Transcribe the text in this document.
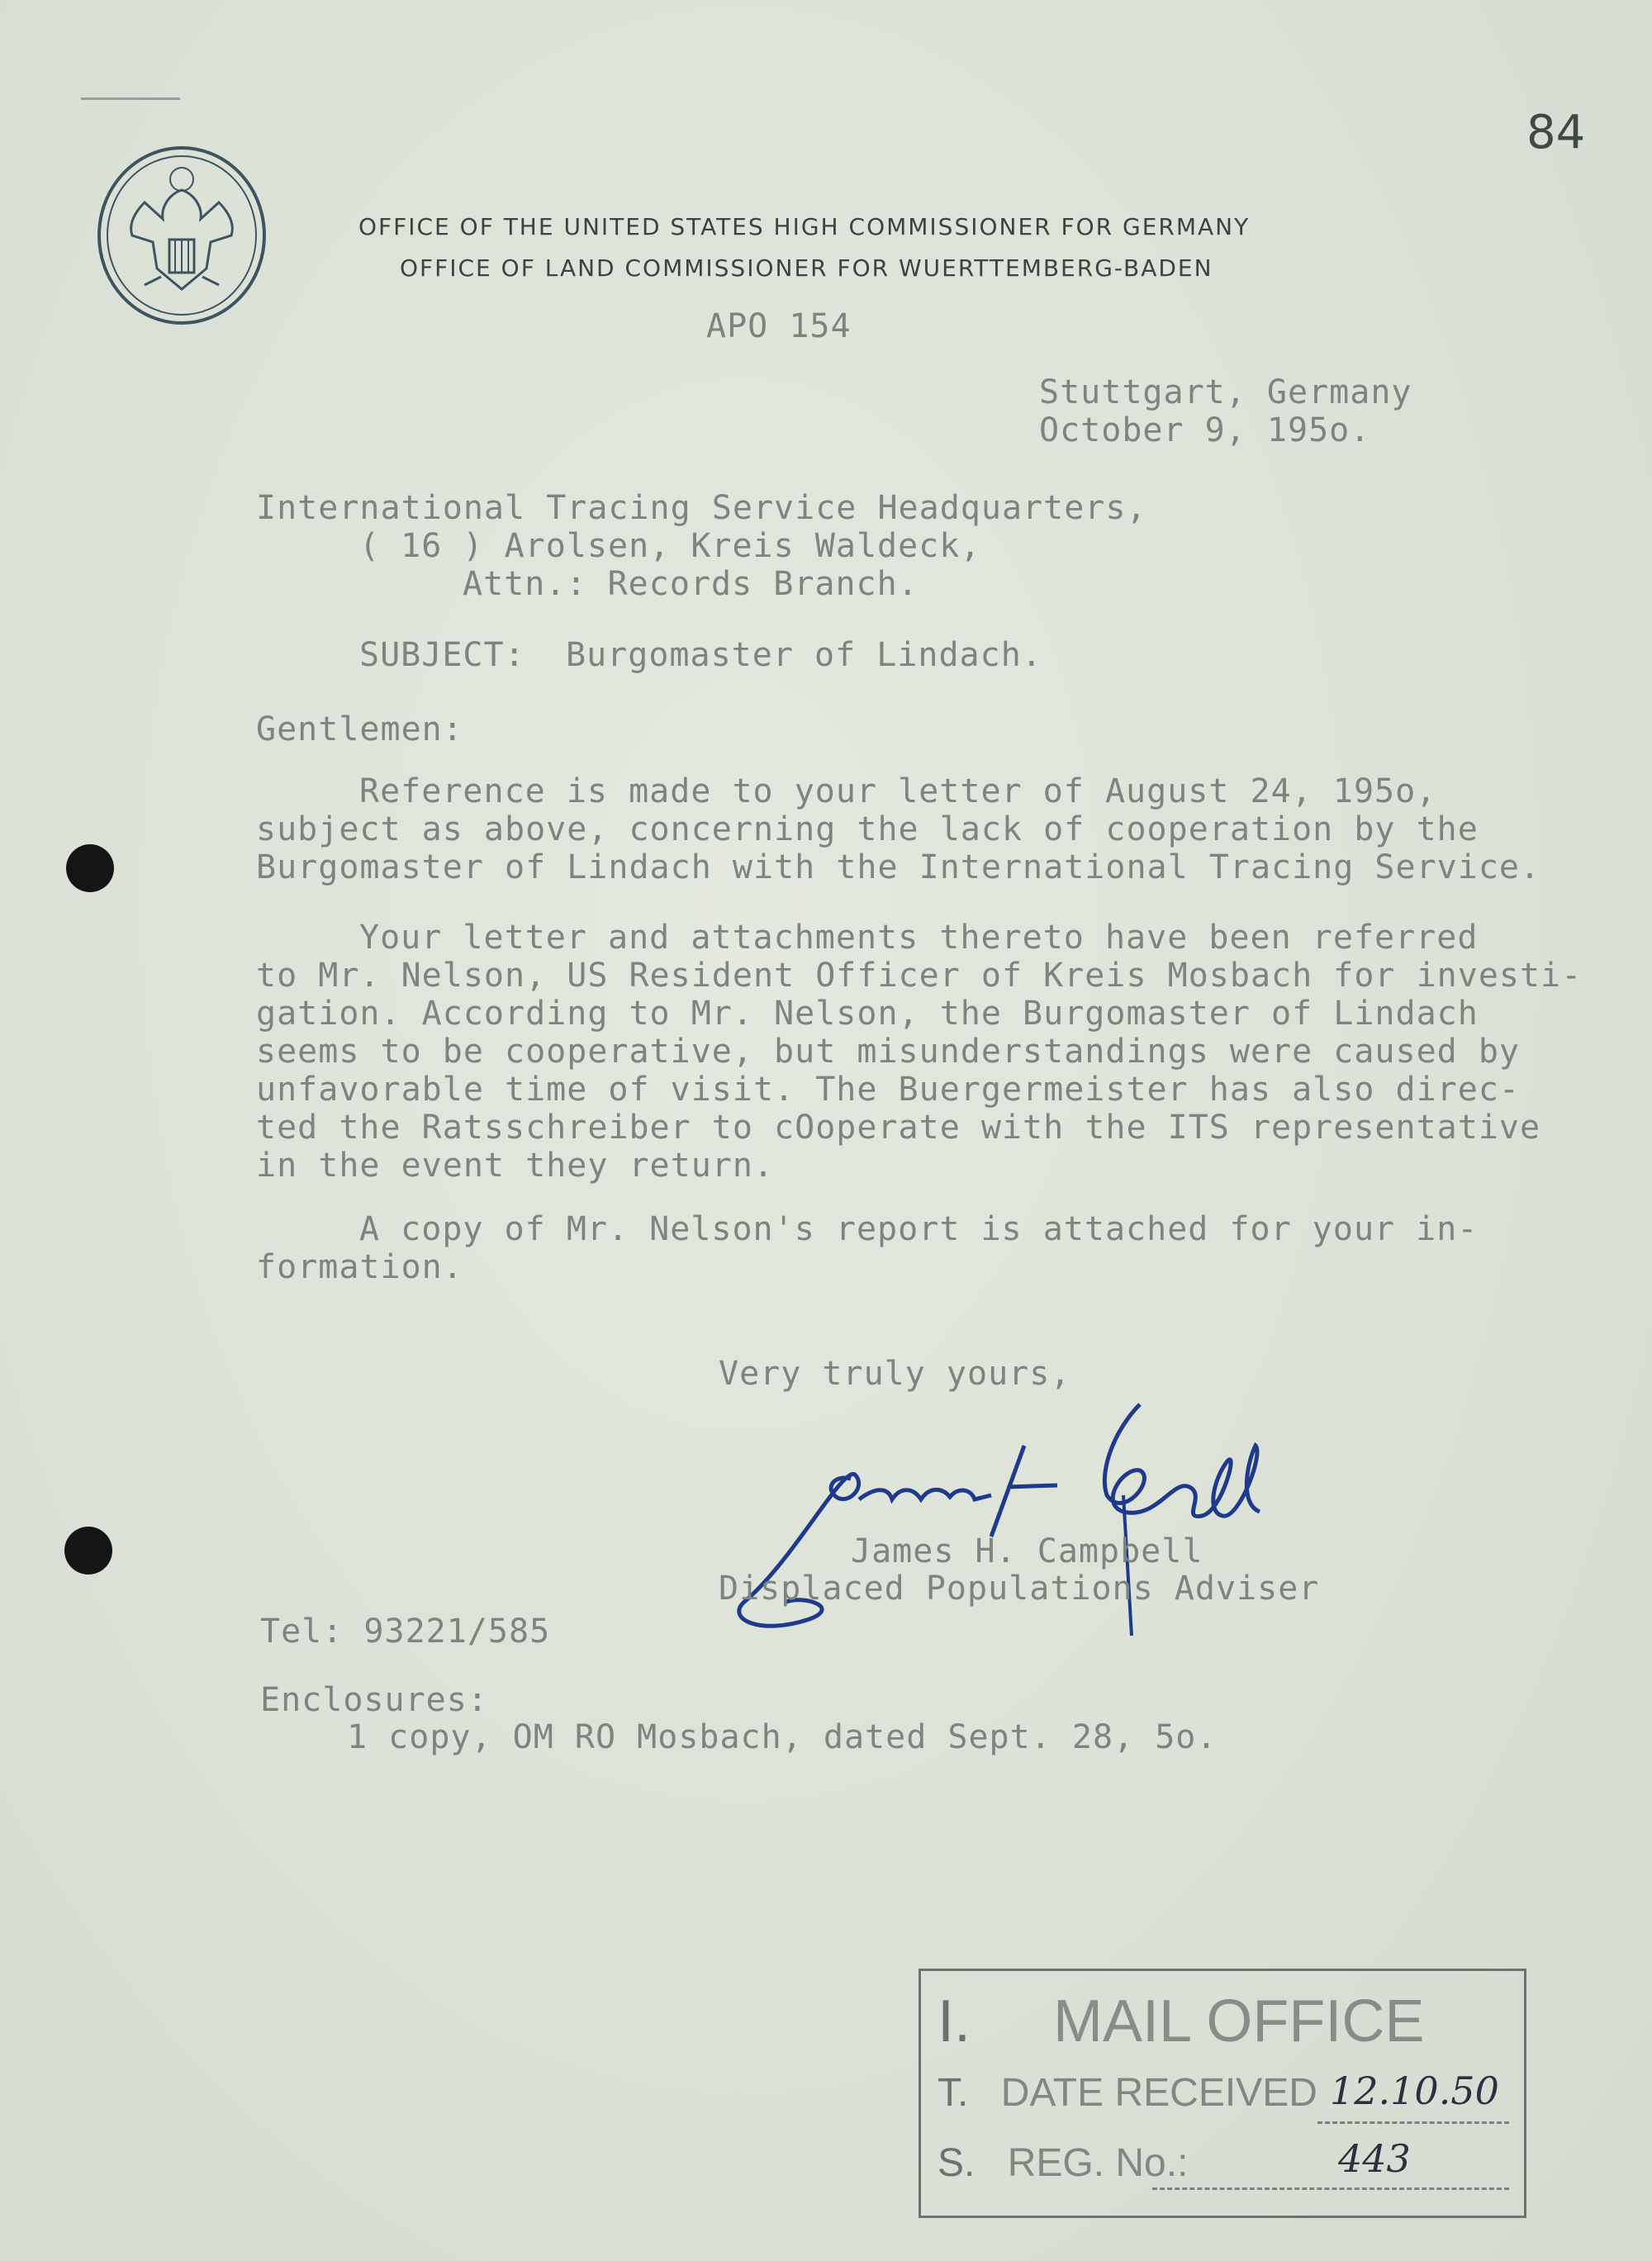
84
OFFICE OF THE UNITED STATES HIGH COMMISSIONER FOR GERMANY
OFFICE OF LAND COMMISSIONER FOR WUERTTEMBERG-BADEN
APO 154
Stuttgart, Germany
October 9, 195o.
International Tracing Service Headquarters,
( 16 ) Arolsen, Kreis Waldeck,
Attn.: Records Branch.
SUBJECT: Burgomaster of Lindach.
Gentlemen:
Reference is made to your letter of August 24, 195o,
subject as above, concerning the lack of cooperation by the
Burgomaster of Lindach with the International Tracing Service.
Your letter and attachments thereto have been referred
to Mr. Nelson, US Resident Officer of Kreis Mosbach for investi-
gation. According to Mr. Nelson, the Burgomaster of Lindach
seems to be cooperative, but misunderstandings were caused by
unfavorable time of visit. The Buergermeister has also direc-
ted the Ratsschreiber to cOoperate with the ITS representative
in the event they return.
A copy of Mr. Nelson's report is attached for your in-
formation.
Very truly yours,
James H. Campbell
Displaced Populations Adviser
Tel: 93221/585
Enclosures:
1 copy, OM RO Mosbach, dated Sept. 28, 5o.
I. MAIL OFFICE
T. DATE RECEIVED 12.10.50
S. REG. No.:	443
